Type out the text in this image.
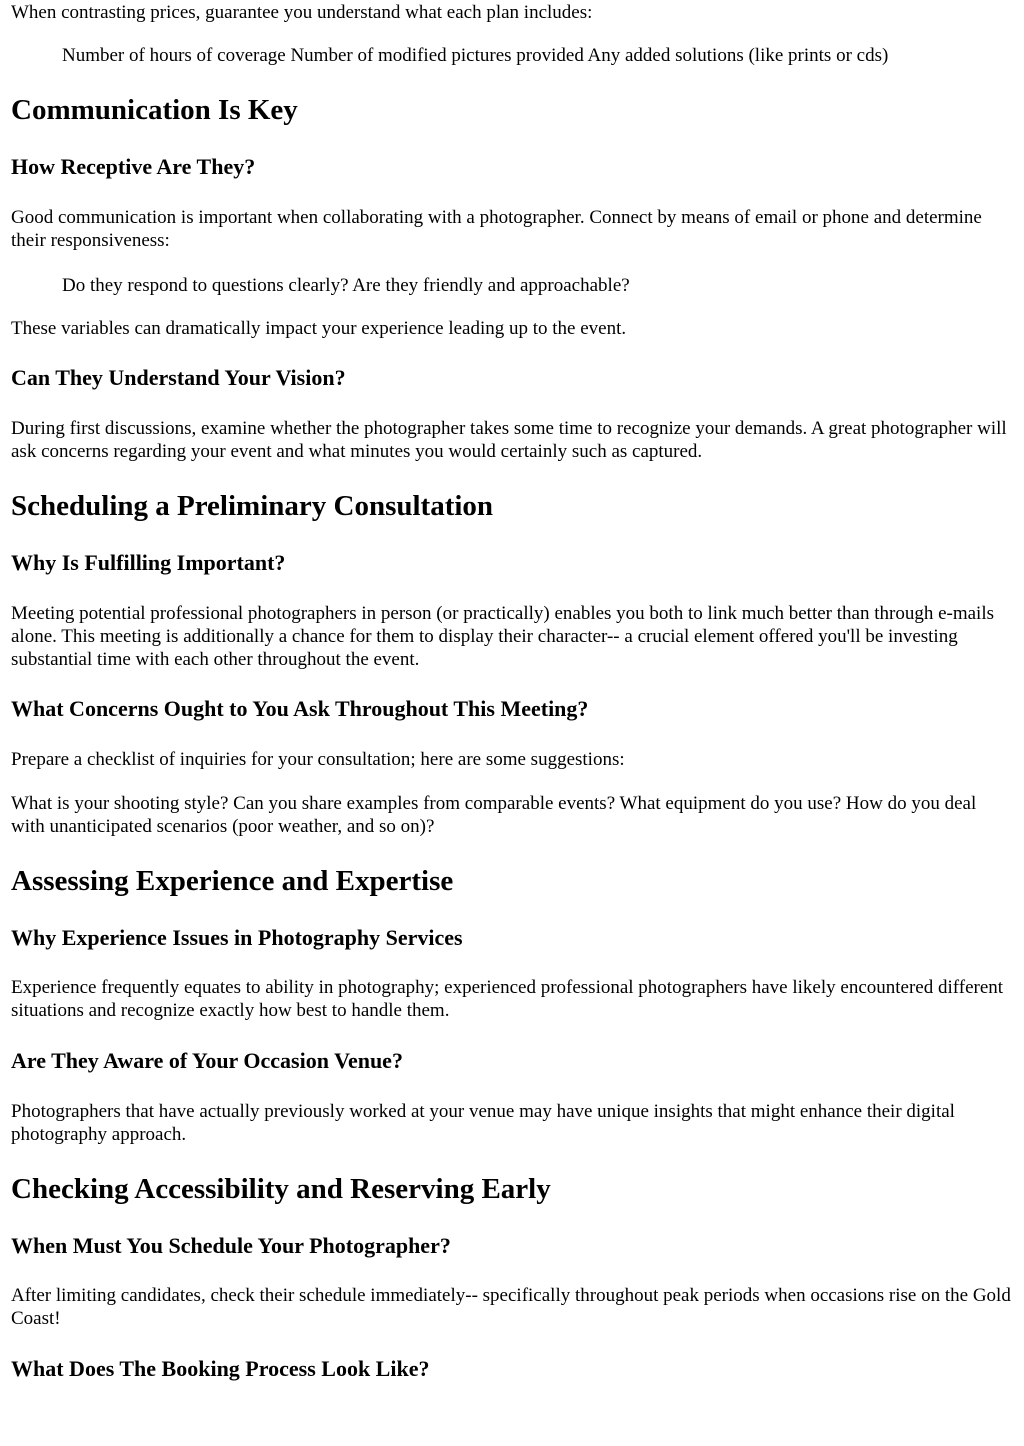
When contrasting prices, guarantee you understand what each plan includes:

Number of hours of coverage Number of modified pictures provided Any added solutions (like prints or cds)
Communication Is Key
How Receptive Are They?

Good communication is important when collaborating with a photographer. Connect by means of email or phone and determine their responsiveness:

Do they respond to questions clearly? Are they friendly and approachable?

These variables can dramatically impact your experience leading up to the event.

Can They Understand Your Vision?

During first discussions, examine whether the photographer takes some time to recognize your demands. A great photographer will ask concerns regarding your event and what minutes you would certainly such as captured.

Scheduling a Preliminary Consultation
Why Is Fulfilling Important?

Meeting potential professional photographers in person (or practically) enables you both to link much better than through e-mails alone. This meeting is additionally a chance for them to display their character-- a crucial element offered you'll be investing substantial time with each other throughout the event.

What Concerns Ought to You Ask Throughout This Meeting?

Prepare a checklist of inquiries for your consultation; here are some suggestions:

What is your shooting style? Can you share examples from comparable events? What equipment do you use? How do you deal with unanticipated scenarios (poor weather, and so on)?

Assessing Experience and Expertise
Why Experience Issues in Photography Services

Experience frequently equates to ability in photography; experienced professional photographers have likely encountered different situations and recognize exactly how best to handle them.

Are They Aware of Your Occasion Venue?

Photographers that have actually previously worked at your venue may have unique insights that might enhance their digital photography approach.

Checking Accessibility and Reserving Early
When Must You Schedule Your Photographer?

After limiting candidates, check their schedule immediately-- specifically throughout peak periods when occasions rise on the Gold Coast!

What Does The Booking Process Look Like?
